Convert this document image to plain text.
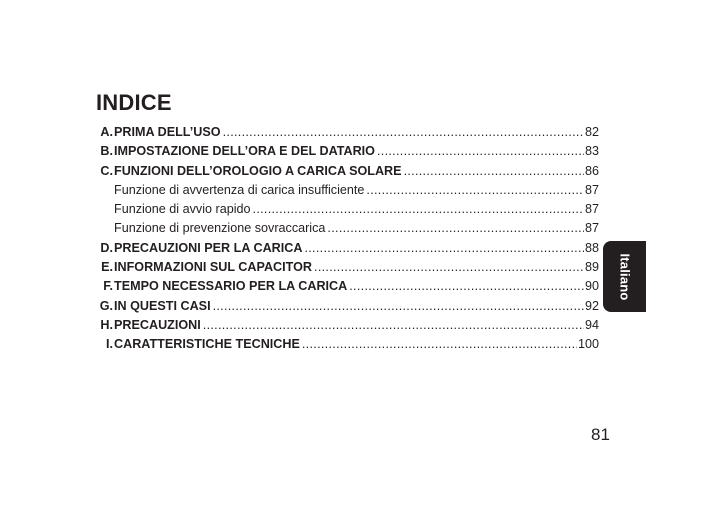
INDICE
A. PRIMA DELL’USO .....	82
B. IMPOSTAZIONE DELL’ORA E DEL DATARIO .....	83
C. FUNZIONI DELL’OROLOGIO A CARICA SOLARE .....	86
Funzione di avvertenza di carica insufficiente .....	87
Funzione di avvio rapido .....	87
Funzione di prevenzione sovraccarica .....	87
D. PRECAUZIONI PER LA CARICA .....	88
E. INFORMAZIONI SUL CAPACITOR .....	89
F. TEMPO NECESSARIO PER LA CARICA .....	90
G. IN QUESTI CASI .....	92
H. PRECAUZIONI .....	94
I. CARATTERISTICHE TECNICHE .....	100
Italiano
81
